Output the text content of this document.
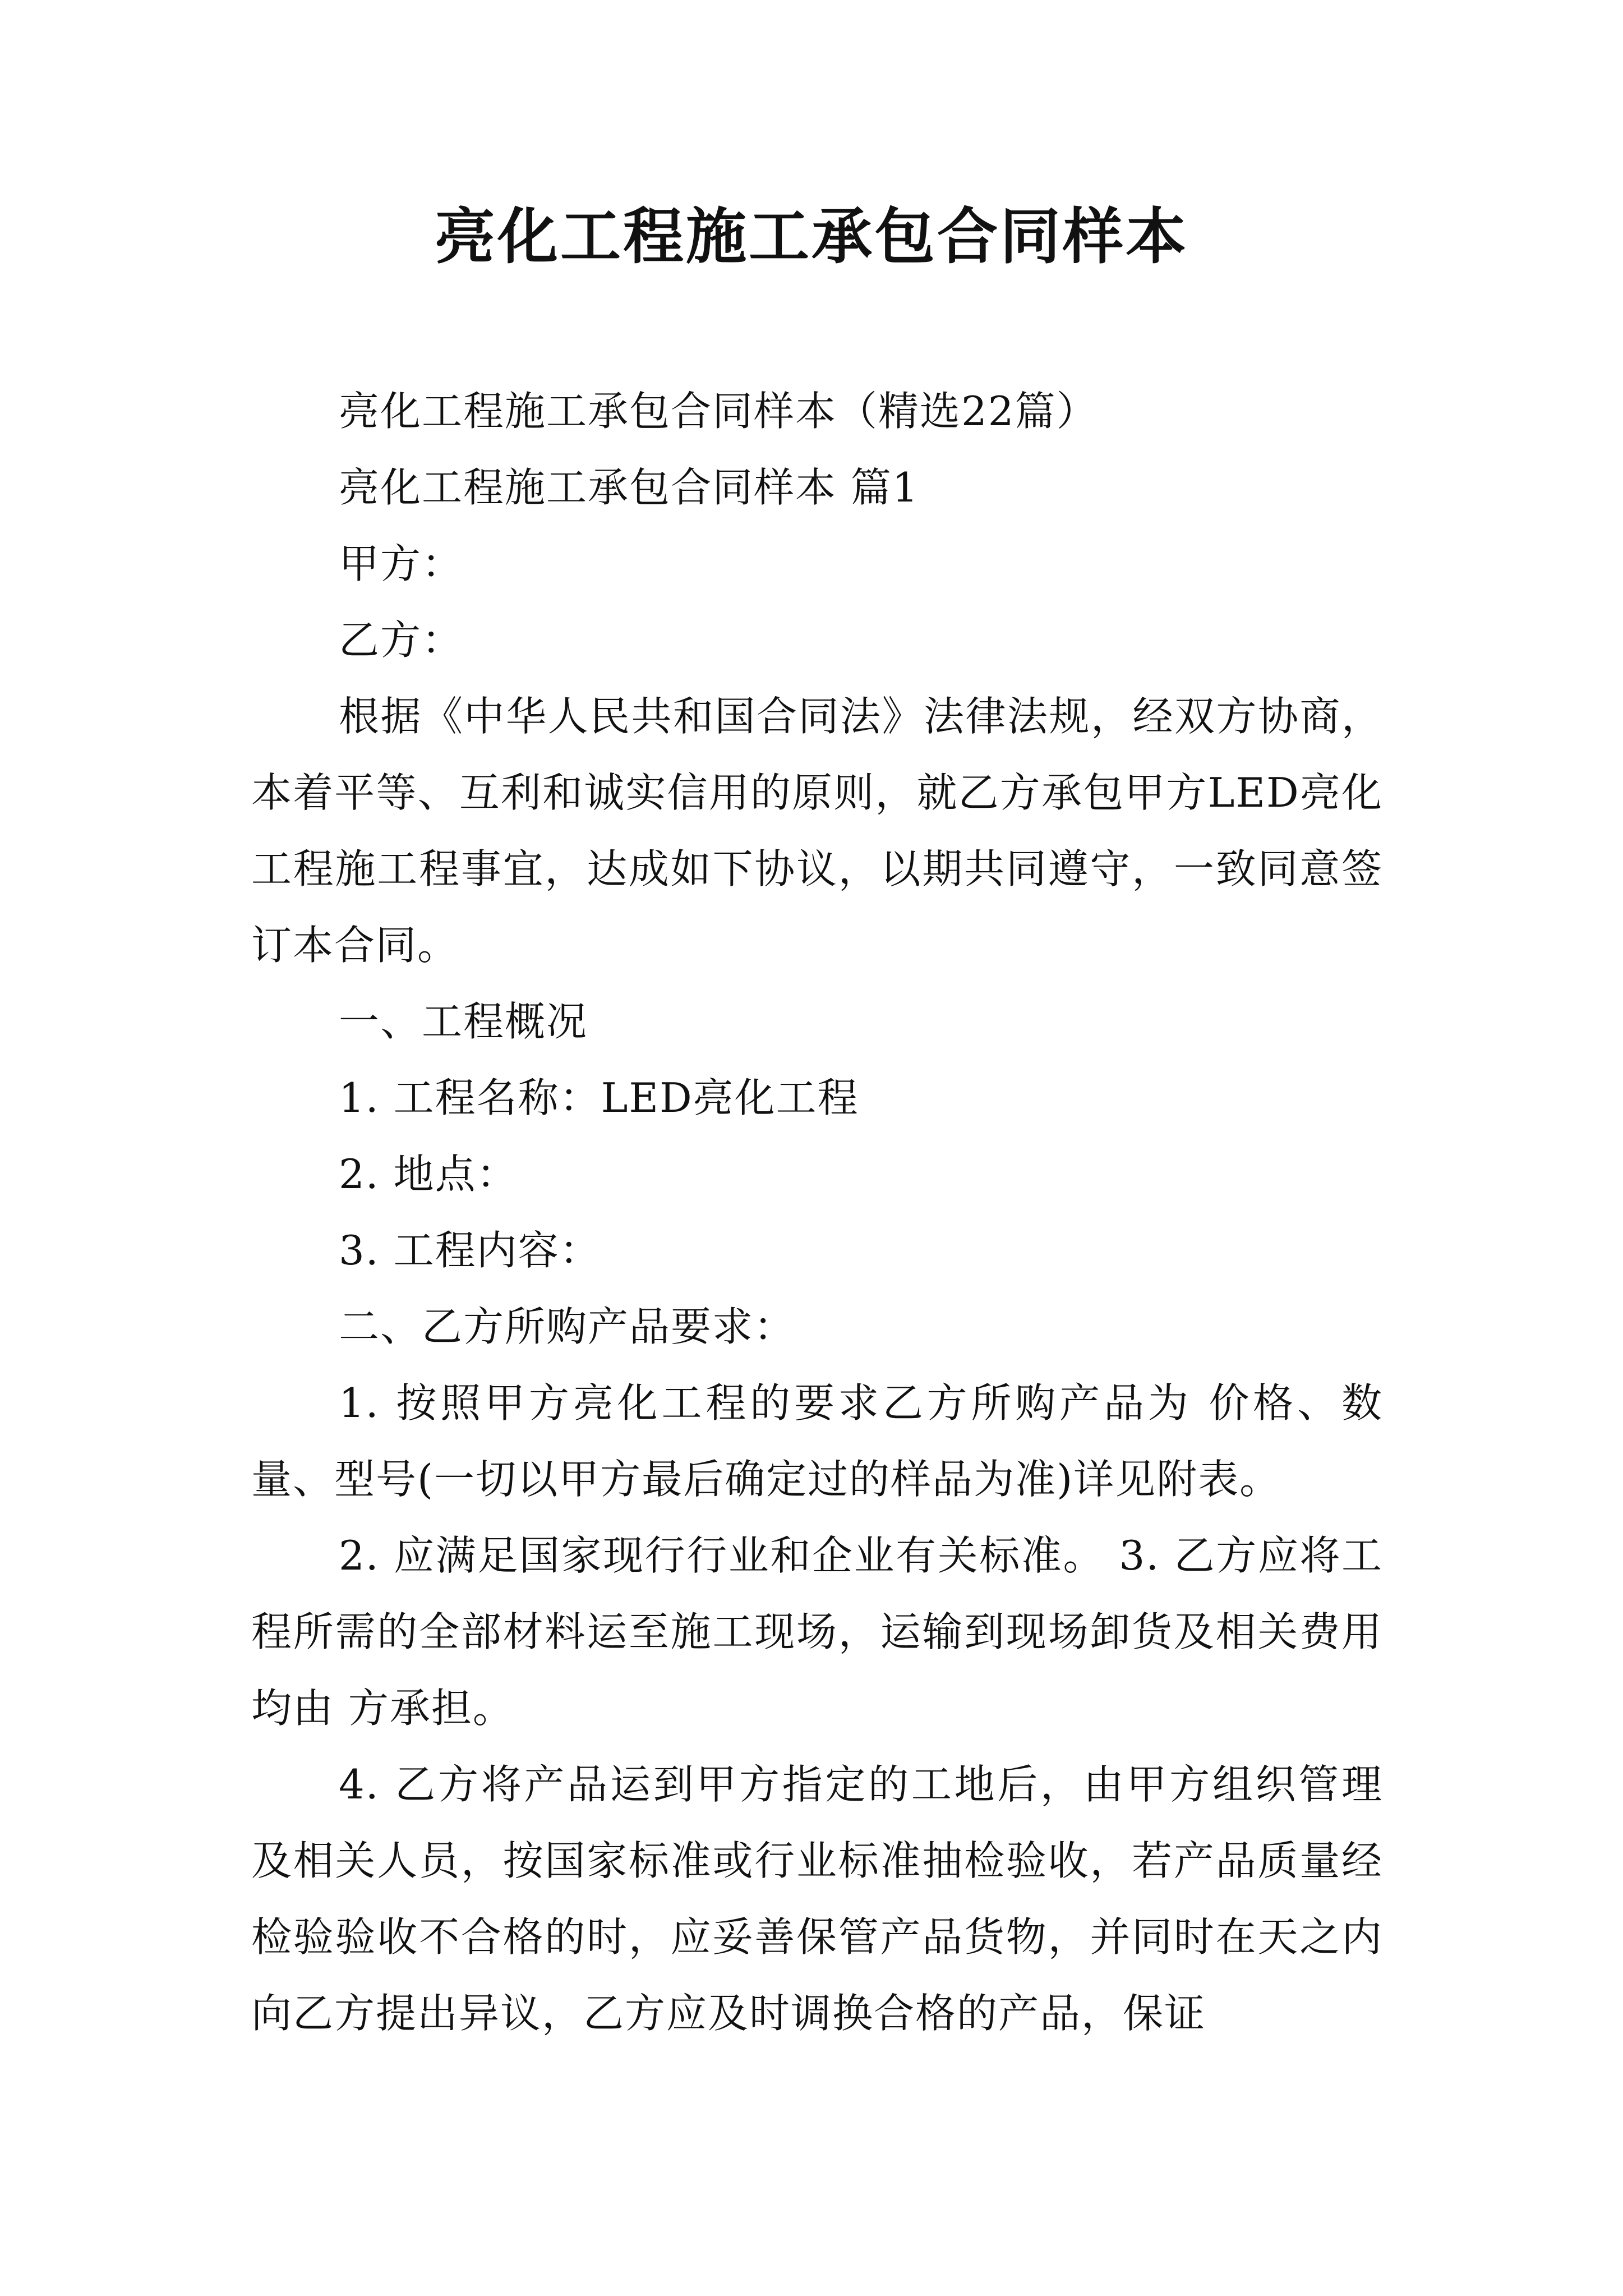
亮化工程施工承包合同样本

亮化工程施工承包合同样本（精选22篇）

亮化工程施工承包合同样本 篇1

甲方：

乙方：

根据《中华人民共和国合同法》法律法规，经双方协商，本着平等、互利和诚实信用的原则，就乙方承包甲方LED亮化工程施工程事宜，达成如下协议，以期共同遵守，一致同意签订本合同。

一、工程概况

1. 工程名称：LED亮化工程

2. 地点：

3. 工程内容：

二、乙方所购产品要求：

1. 按照甲方亮化工程的要求乙方所购产品为 价格、数量、型号(一切以甲方最后确定过的样品为准)详见附表。

2. 应满足国家现行行业和企业有关标准。 3. 乙方应将工程所需的全部材料运至施工现场，运输到现场卸货及相关费用均由 方承担。

4. 乙方将产品运到甲方指定的工地后，由甲方组织管理及相关人员，按国家标准或行业标准抽检验收，若产品质量经检验验收不合格的时，应妥善保管产品货物，并同时在天之内向乙方提出异议，乙方应及时调换合格的产品，保证
